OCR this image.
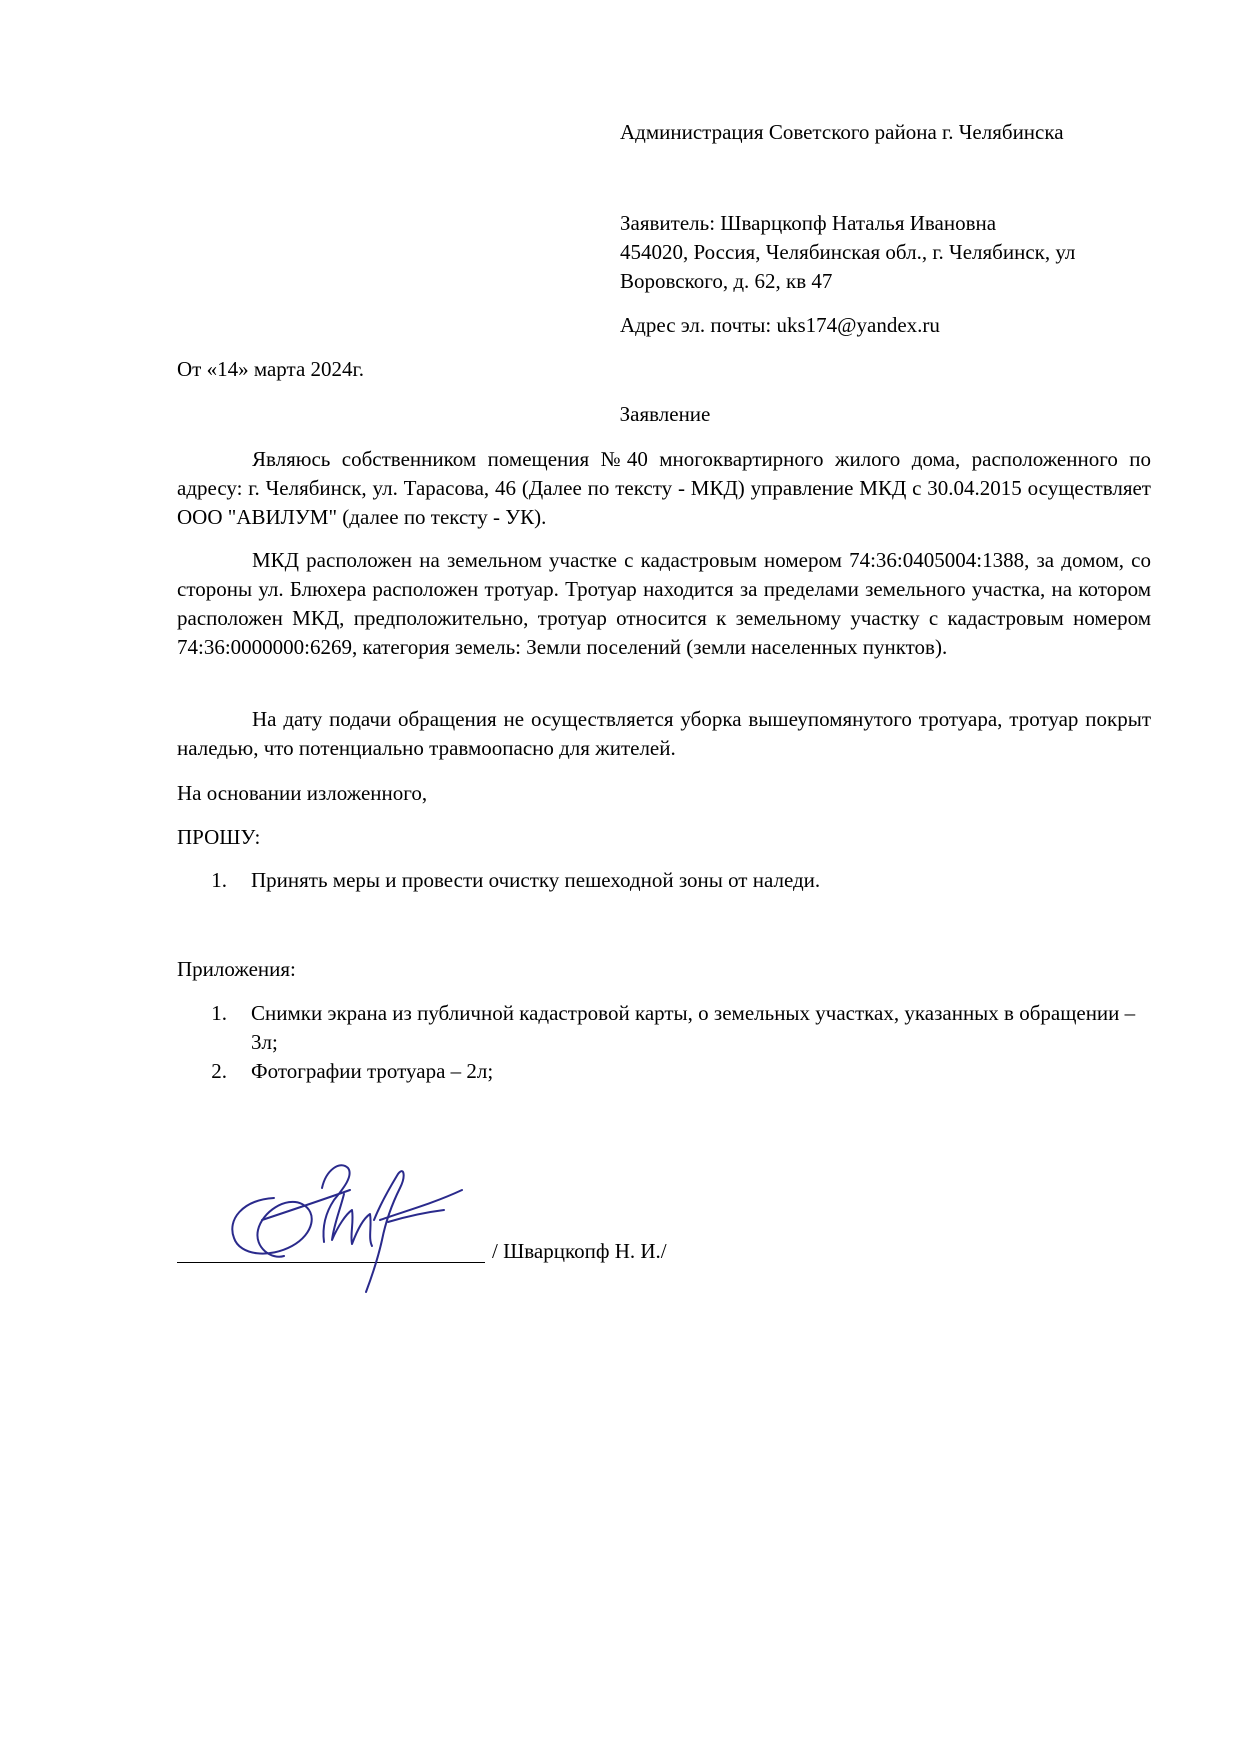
Администрация Советского района г. Челябинска
Заявитель: Шварцкопф Наталья Ивановна
454020, Россия, Челябинская обл., г. Челябинск, ул
Воровского, д. 62, кв 47
Адрес эл. почты: uks174@yandex.ru
От «14» марта 2024г.
Заявление
Являюсь собственником помещения №40 многоквартирного жилого дома, расположенного по адресу: г. Челябинск, ул. Тарасова, 46 (Далее по тексту - МКД) управление МКД с 30.04.2015 осуществляет ООО "АВИЛУМ" (далее по тексту - УК).
МКД расположен на земельном участке с кадастровым номером 74:36:0405004:1388, за домом, со стороны ул. Блюхера расположен тротуар. Тротуар находится за пределами земельного участка, на котором расположен МКД, предположительно, тротуар относится к земельному участку с кадастровым номером 74:36:0000000:6269, категория земель: Земли поселений (земли населенных пунктов).
На дату подачи обращения не осуществляется уборка вышеупомянутого тротуара, тротуар покрыт наледью, что потенциально травмоопасно для жителей.
На основании изложенного,
ПРОШУ:
1.	Принять меры и провести очистку пешеходной зоны от наледи.
Приложения:
1.	Снимки экрана из публичной кадастровой карты, о земельных участках, указанных в обращении – 3л;
2.	Фотографии тротуара – 2л;
/ Шварцкопф Н. И./
